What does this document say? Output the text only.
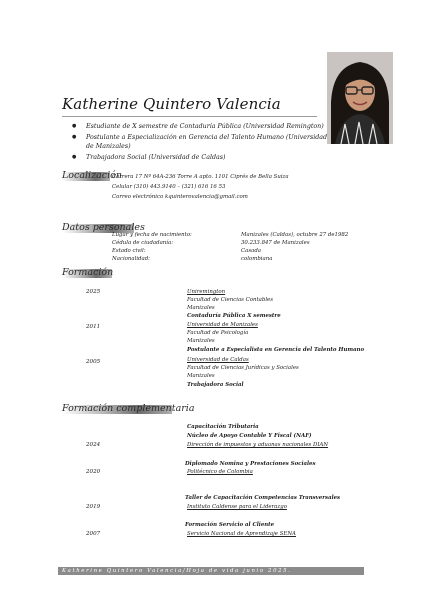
Katherine Quintero Valencia
● Estudiante de X semestre de Contaduría Pública (Universidad Remington)
● Postulante a Especialización en Gerencia del Talento Humano (Universidad de Manizales)
● Trabajadora Social (Universidad de Caldas)
Localización
Carrera 17 Nº 64A-236 Torre A apto. 1101 Ciprés de Bella Suiza
Celular (310) 443.9140 – (321) 616 16 53
Correo electrónico kquinterovalencia@gmail.com
Datos personales
Lugar y fecha de nacimiento:	Manizales (Caldas), octubre 27 de1982
Cédula de ciudadanía:	30.233.847 de Manizales
Estado civil:	Casada
Nacionalidad:	colombiana
Formación
2025	Uniremington
Facultad de Ciencias Contables
Manizales
Contaduría Pública X semestre
2011	Universidad de Manizales
Facultad de Psicología
Manizales
Postulante a Especialista en Gerencia del Talento Humano
2005	Universidad de Caldas
Facultad de Ciencias Jurídicas y Sociales
Manizales
Trabajadora Social
Formación complementaria
Capacitación Tributaria
Núcleo de Apoyo Contable Y Fiscal (NAF)
2024	Dirección de impuestos y aduanas nacionales DIAN
Diplomado Nomina y Prestaciones Sociales
2020	Politécnico de Colombia
Taller de Capacitación Competencias Transversales
2019	Instituto Caldense para el Liderazgo
Formación Servicio al Cliente
2007	Servicio Nacional de Aprendizaje SENA
Katherine Quintero Valencia/Hoja de vida junio 2025.
